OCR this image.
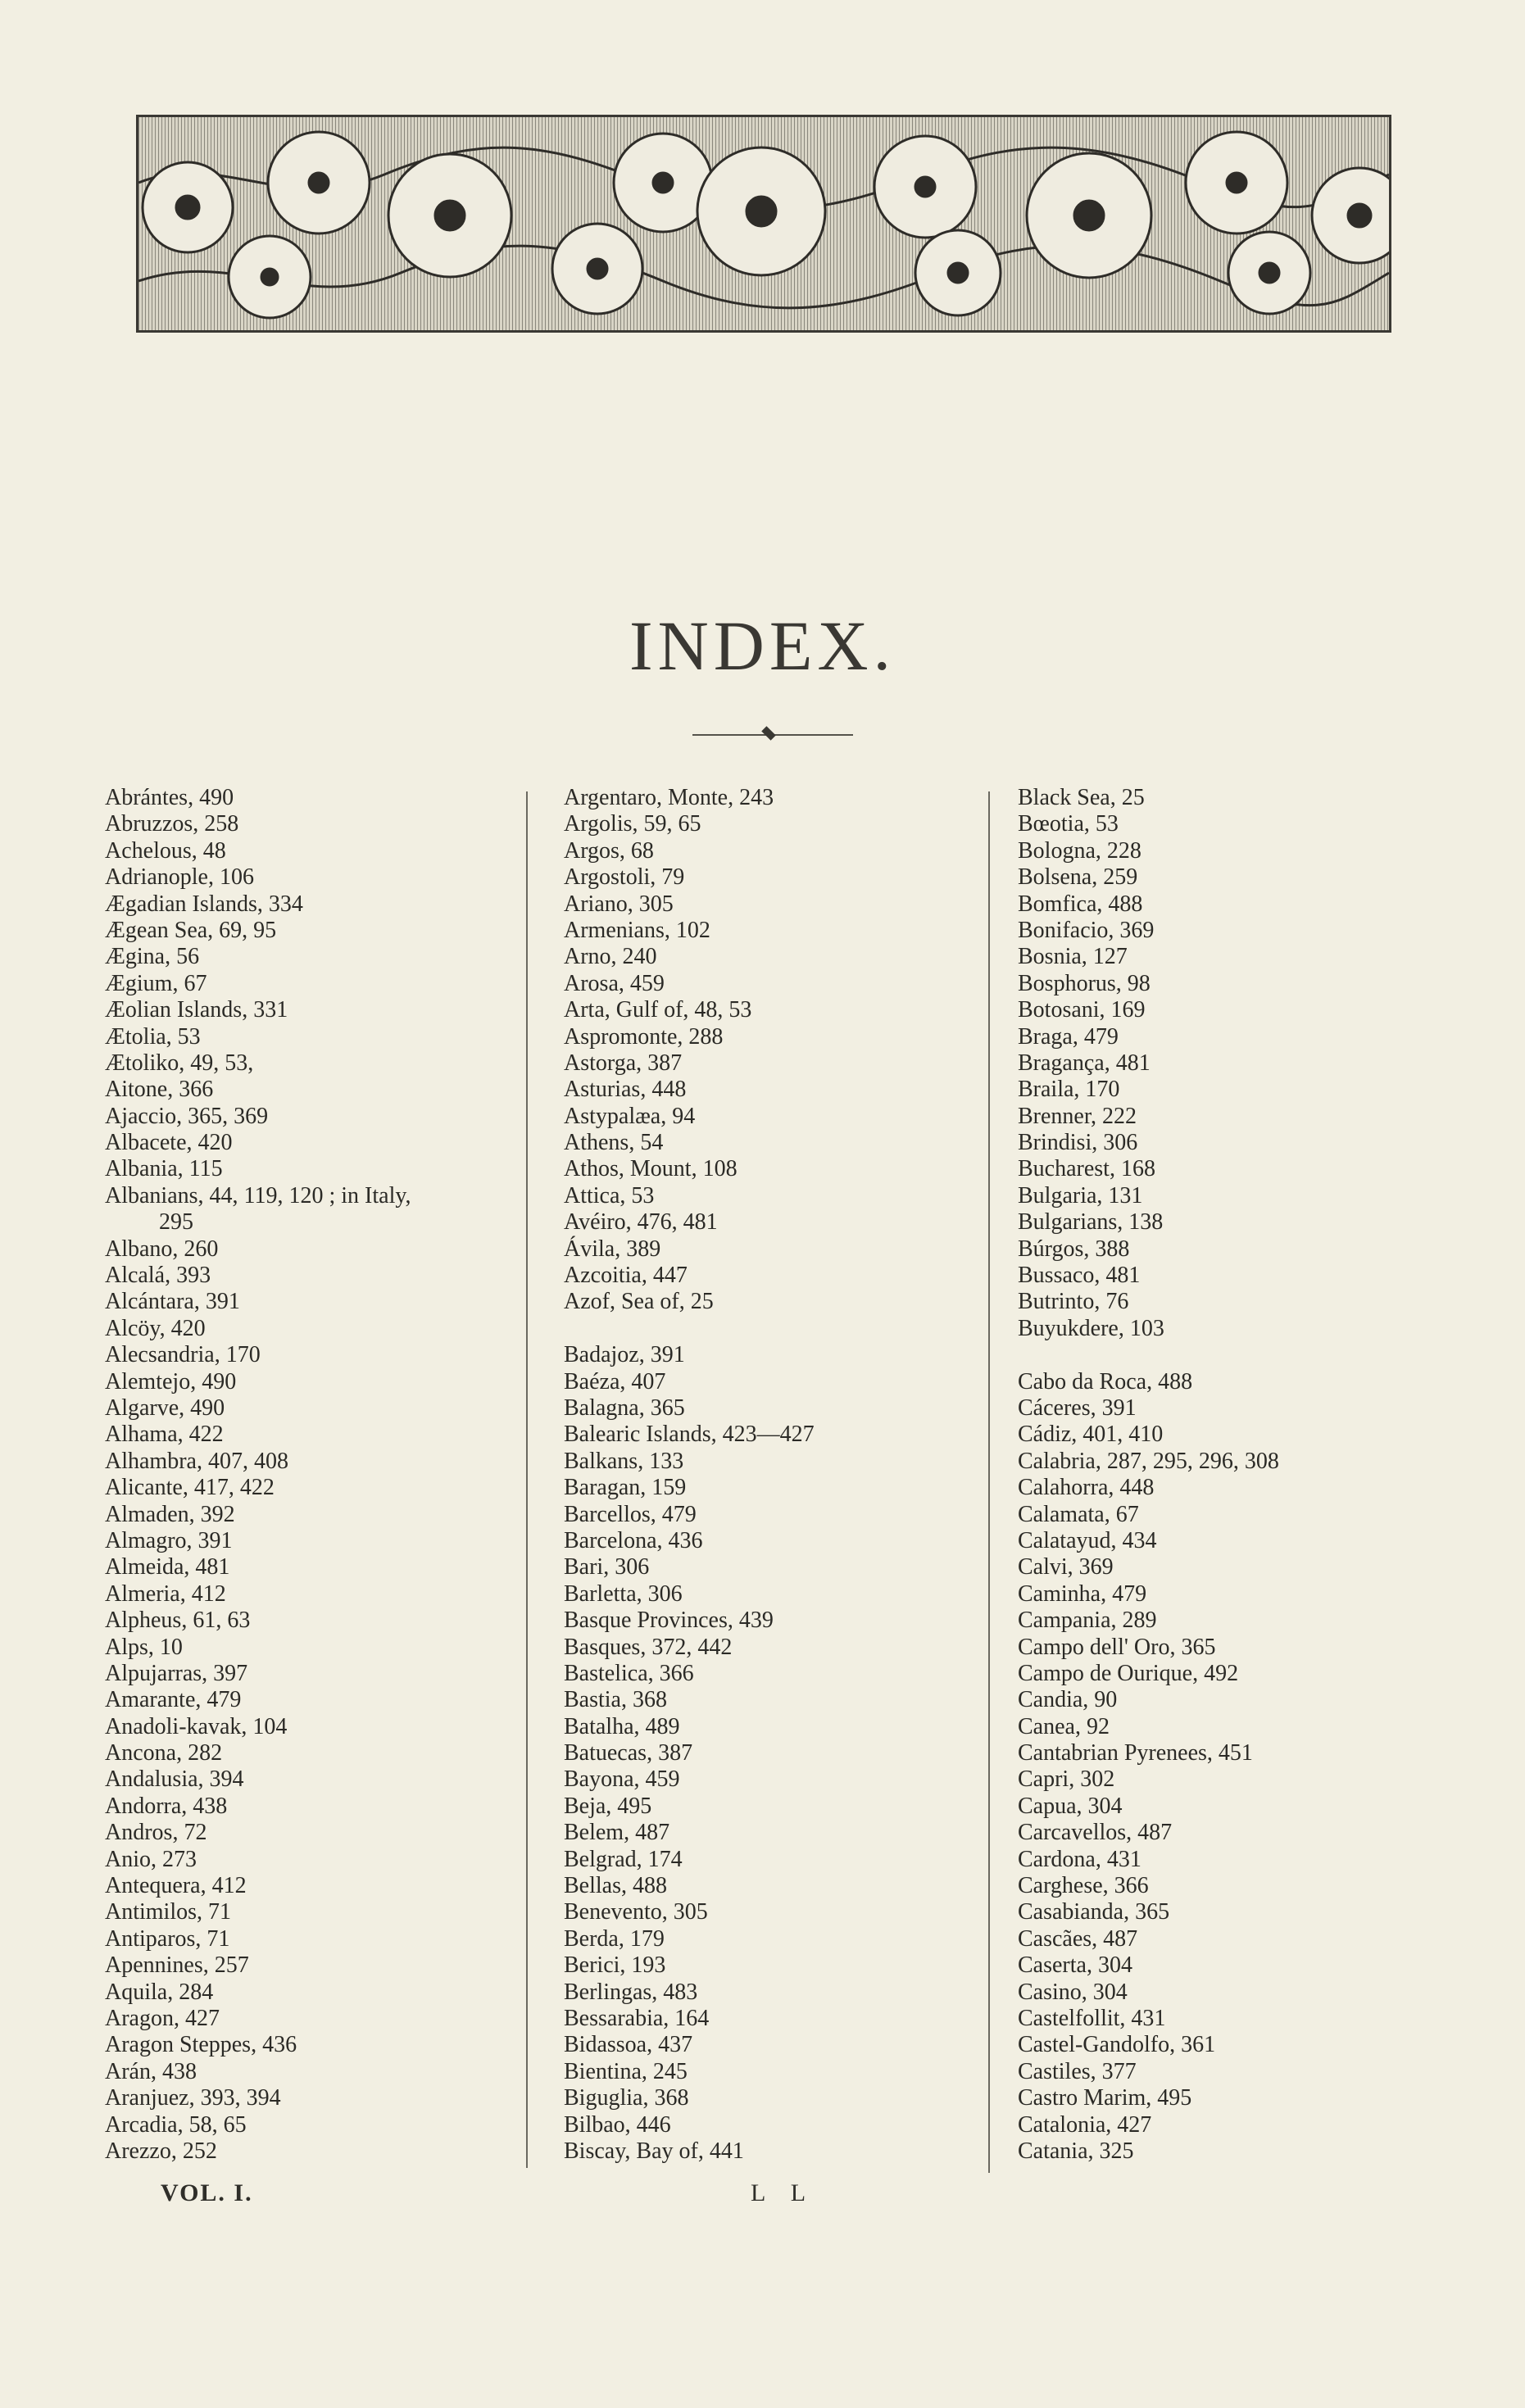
INDEX.
Abrántes, 490
Abruzzos, 258
Achelous, 48
Adrianople, 106
Ægadian Islands, 334
Ægean Sea, 69, 95
Ægina, 56
Ægium, 67
Æolian Islands, 331
Ætolia, 53
Ætoliko, 49, 53,
Aitone, 366
Ajaccio, 365, 369
Albacete, 420
Albania, 115
Albanians, 44, 119, 120 ; in Italy,
295
Albano, 260
Alcalá, 393
Alcántara, 391
Alcöy, 420
Alecsandria, 170
Alemtejo, 490
Algarve, 490
Alhama, 422
Alhambra, 407, 408
Alicante, 417, 422
Almaden, 392
Almagro, 391
Almeida, 481
Almeria, 412
Alpheus, 61, 63
Alps, 10
Alpujarras, 397
Amarante, 479
Anadoli-kavak, 104
Ancona, 282
Andalusia, 394
Andorra, 438
Andros, 72
Anio, 273
Antequera, 412
Antimilos, 71
Antiparos, 71
Apennines, 257
Aquila, 284
Aragon, 427
Aragon Steppes, 436
Arán, 438
Aranjuez, 393, 394
Arcadia, 58, 65
Arezzo, 252
Argentaro, Monte, 243
Argolis, 59, 65
Argos, 68
Argostoli, 79
Ariano, 305
Armenians, 102
Arno, 240
Arosa, 459
Arta, Gulf of, 48, 53
Aspromonte, 288
Astorga, 387
Asturias, 448
Astypalæa, 94
Athens, 54
Athos, Mount, 108
Attica, 53
Avéiro, 476, 481
Ávila, 389
Azcoitia, 447
Azof, Sea of, 25
Badajoz, 391
Baéza, 407
Balagna, 365
Balearic Islands, 423—427
Balkans, 133
Baragan, 159
Barcellos, 479
Barcelona, 436
Bari, 306
Barletta, 306
Basque Provinces, 439
Basques, 372, 442
Bastelica, 366
Bastia, 368
Batalha, 489
Batuecas, 387
Bayona, 459
Beja, 495
Belem, 487
Belgrad, 174
Bellas, 488
Benevento, 305
Berda, 179
Berici, 193
Berlingas, 483
Bessarabia, 164
Bidassoa, 437
Bientina, 245
Biguglia, 368
Bilbao, 446
Biscay, Bay of, 441
Black Sea, 25
Bœotia, 53
Bologna, 228
Bolsena, 259
Bomfica, 488
Bonifacio, 369
Bosnia, 127
Bosphorus, 98
Botosani, 169
Braga, 479
Bragança, 481
Braila, 170
Brenner, 222
Brindisi, 306
Bucharest, 168
Bulgaria, 131
Bulgarians, 138
Búrgos, 388
Bussaco, 481
Butrinto, 76
Buyukdere, 103
Cabo da Roca, 488
Cáceres, 391
Cádiz, 401, 410
Calabria, 287, 295, 296, 308
Calahorra, 448
Calamata, 67
Calatayud, 434
Calvi, 369
Caminha, 479
Campania, 289
Campo dell' Oro, 365
Campo de Ourique, 492
Candia, 90
Canea, 92
Cantabrian Pyrenees, 451
Capri, 302
Capua, 304
Carcavellos, 487
Cardona, 431
Carghese, 366
Casabianda, 365
Cascães, 487
Caserta, 304
Casino, 304
Castelfollit, 431
Castel-Gandolfo, 361
Castiles, 377
Castro Marim, 495
Catalonia, 427
Catania, 325
VOL. I.	L L
